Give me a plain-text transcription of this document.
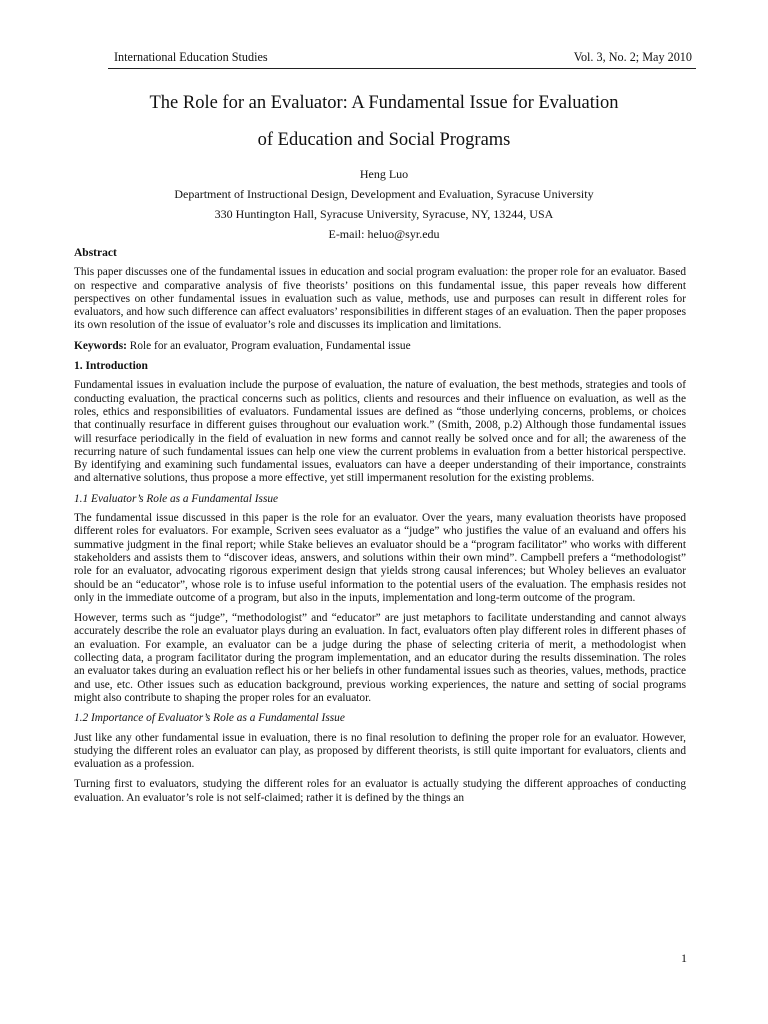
International Education Studies	Vol. 3, No. 2; May 2010
The Role for an Evaluator: A Fundamental Issue for Evaluation
of Education and Social Programs
Heng Luo
Department of Instructional Design, Development and Evaluation, Syracuse University
330 Huntington Hall, Syracuse University, Syracuse, NY, 13244, USA
E-mail: heluo@syr.edu
Abstract

This paper discusses one of the fundamental issues in education and social program evaluation: the proper role for an evaluator. Based on respective and comparative analysis of five theorists’ positions on this fundamental issue, this paper reveals how different perspectives on other fundamental issues in evaluation such as value, methods, use and purposes can result in different roles for evaluators, and how such difference can affect evaluators’ responsibilities in different stages of an evaluation. Then the paper proposes its own resolution of the issue of evaluator’s role and discusses its implication and limitations.

Keywords: Role for an evaluator, Program evaluation, Fundamental issue

1. Introduction

Fundamental issues in evaluation include the purpose of evaluation, the nature of evaluation, the best methods, strategies and tools of conducting evaluation, the practical concerns such as politics, clients and resources and their influence on evaluation, as well as the roles, ethics and responsibilities of evaluators. Fundamental issues are defined as “those underlying concerns, problems, or choices that continually resurface in different guises throughout our evaluation work.” (Smith, 2008, p.2) Although those fundamental issues will resurface periodically in the field of evaluation in new forms and cannot really be solved once and for all; the awareness of the recurring nature of such fundamental issues can help one view the current problems in evaluation from a better historical perspective. By identifying and examining such fundamental issues, evaluators can have a deeper understanding of their importance, constraints and alternative solutions, thus propose a more effective, yet still impermanent resolution for the existing problems.

1.1 Evaluator’s Role as a Fundamental Issue

The fundamental issue discussed in this paper is the role for an evaluator. Over the years, many evaluation theorists have proposed different roles for evaluators. For example, Scriven sees evaluator as a “judge” who justifies the value of an evaluand and offers his summative judgment in the final report; while Stake believes an evaluator should be a “program facilitator” who works with different stakeholders and assists them to “discover ideas, answers, and solutions within their own mind”. Campbell prefers a “methodologist” role for an evaluator, advocating rigorous experiment design that yields strong causal inferences; but Wholey believes an evaluator should be an “educator”, whose role is to infuse useful information to the potential users of the evaluation. The emphasis resides not only in the immediate outcome of a program, but also in the inputs, implementation and long-term outcome of the program.

However, terms such as “judge”, “methodologist” and “educator” are just metaphors to facilitate understanding and cannot always accurately describe the role an evaluator plays during an evaluation. In fact, evaluators often play different roles in different phases of an evaluation. For example, an evaluator can be a judge during the phase of selecting criteria of merit, a methodologist when collecting data, a program facilitator during the program implementation, and an educator during the results dissemination. The roles an evaluator takes during an evaluation reflect his or her beliefs in other fundamental issues such as theories, values, methods, practice and use, etc. Other issues such as education background, previous working experiences, the nature and setting of social programs might also contribute to shaping the proper roles for an evaluator.

1.2 Importance of Evaluator’s Role as a Fundamental Issue

Just like any other fundamental issue in evaluation, there is no final resolution to defining the proper role for an evaluator. However, studying the different roles an evaluator can play, as proposed by different theorists, is still quite important for evaluators, clients and evaluation as a profession.

Turning first to evaluators, studying the different roles for an evaluator is actually studying the different approaches of conducting evaluation. An evaluator’s role is not self-claimed; rather it is defined by the things an

1
